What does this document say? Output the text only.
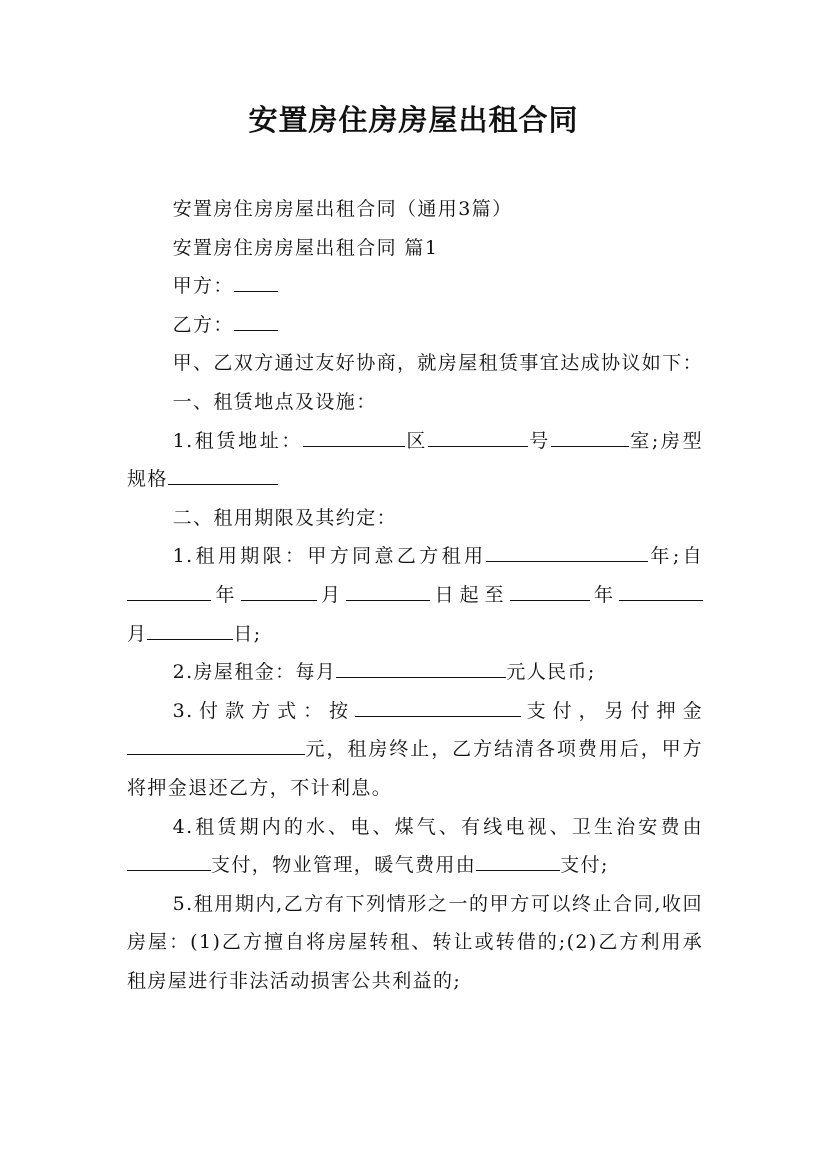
安置房住房房屋出租合同

安置房住房房屋出租合同（通用3篇）

安置房住房房屋出租合同 篇1

甲方：

乙方：

甲、乙双方通过友好协商，就房屋租赁事宜达成协议如下：

一、租赁地点及设施：

1.租赁地址：	区	号	室;房型

规格

二、租用期限及其约定：

1.租用期限：甲方同意乙方租用	年;自

年	月	日起至	年

月	日;

2.房屋租金：每月	元人民币;

3.付款方式：按	支付，另付押金

元，租房终止，乙方结清各项费用后，甲方将押金退还乙方，不计利息。

4.租赁期内的水、电、煤气、有线电视、卫生治安费由

支付，物业管理，暖气费用由	支付;

5.租用期内,乙方有下列情形之一的甲方可以终止合同,收回房屋：(1)乙方擅自将房屋转租、转让或转借的;(2)乙方利用承租房屋进行非法活动损害公共利益的;
